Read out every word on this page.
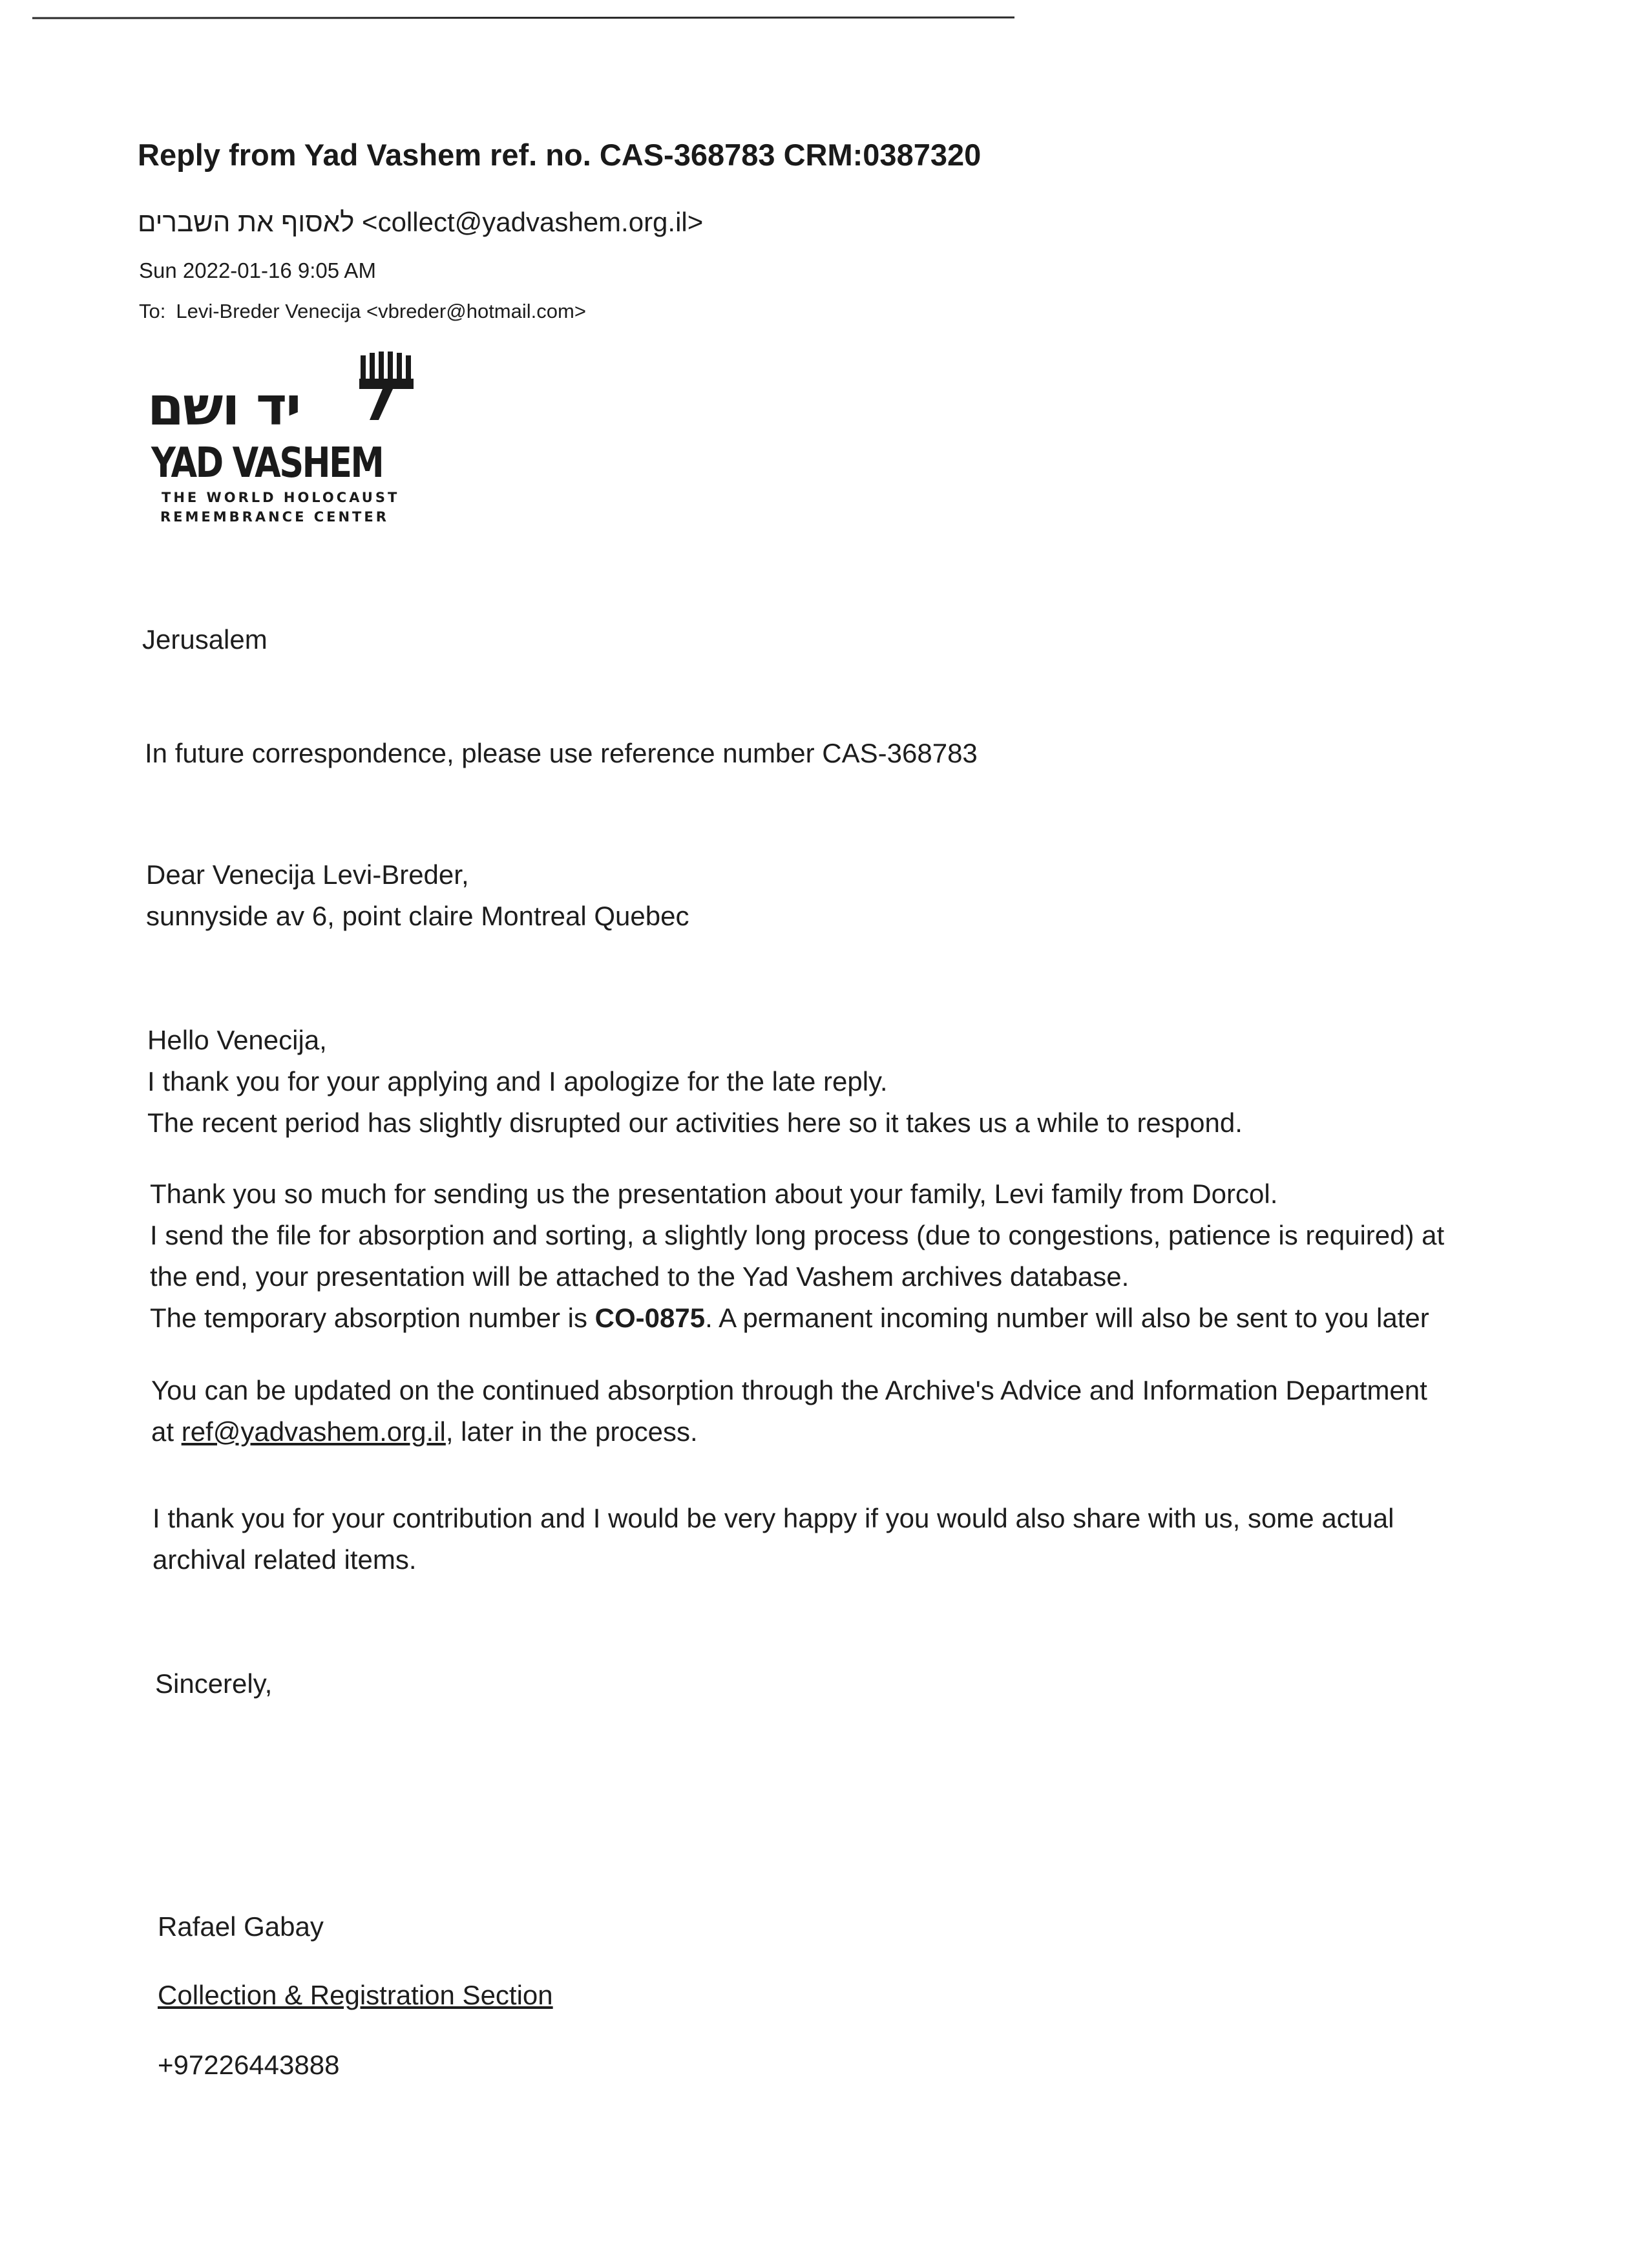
Reply from Yad Vashem ref. no. CAS-368783 CRM:0387320
לאסוף את השברים <collect@yadvashem.org.il>
Sun 2022-01-16 9:05 AM
To: Levi-Breder Venecija <vbreder@hotmail.com>
יד ושם
YAD VASHEM
THE WORLD HOLOCAUST
REMEMBRANCE CENTER
Jerusalem
In future correspondence, please use reference number CAS-368783
Dear Venecija Levi-Breder,
sunnyside av 6, point claire Montreal Quebec
Hello Venecija,
I thank you for your applying and I apologize for the late reply.
The recent period has slightly disrupted our activities here so it takes us a while to respond.
Thank you so much for sending us the presentation about your family, Levi family from Dorcol.
I send the file for absorption and sorting, a slightly long process (due to congestions, patience is required) at
the end, your presentation will be attached to the Yad Vashem archives database.
The temporary absorption number is CO-0875. A permanent incoming number will also be sent to you later
You can be updated on the continued absorption through the Archive's Advice and Information Department
at ref@yadvashem.org.il, later in the process.
I thank you for your contribution and I would be very happy if you would also share with us, some actual
archival related items.
Sincerely,
Rafael Gabay
Collection & Registration Section
+97226443888
